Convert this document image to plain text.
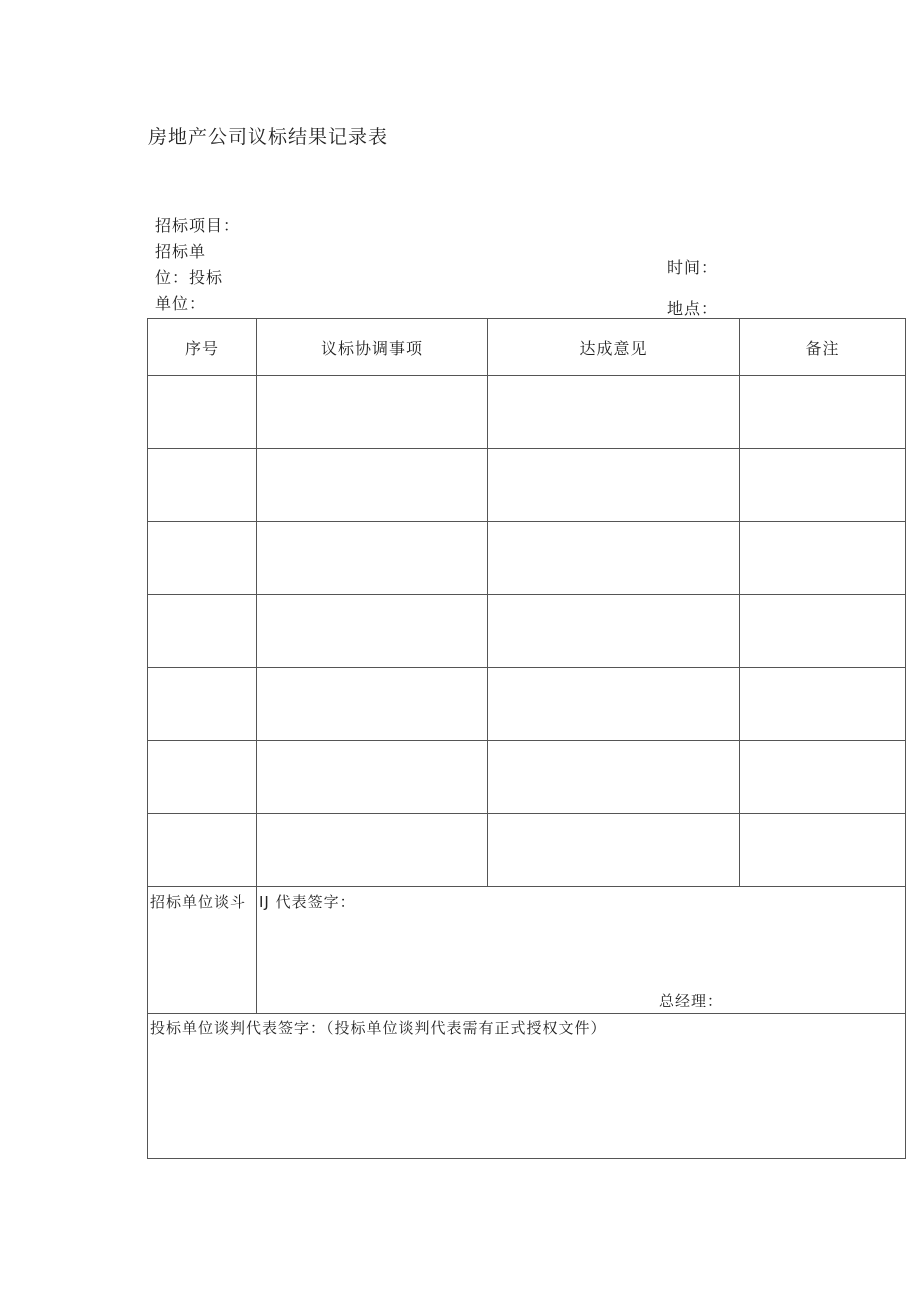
房地产公司议标结果记录表
招标项目：
招标单
位：投标
单位：
时间：
地点：
序号	议标协调事项	达成意见	备注

招标单位谈斗	IJ 代表签字：
总经理：		

投标单位谈判代表签字：（投标单位谈判代表需有正式授权文件）			
